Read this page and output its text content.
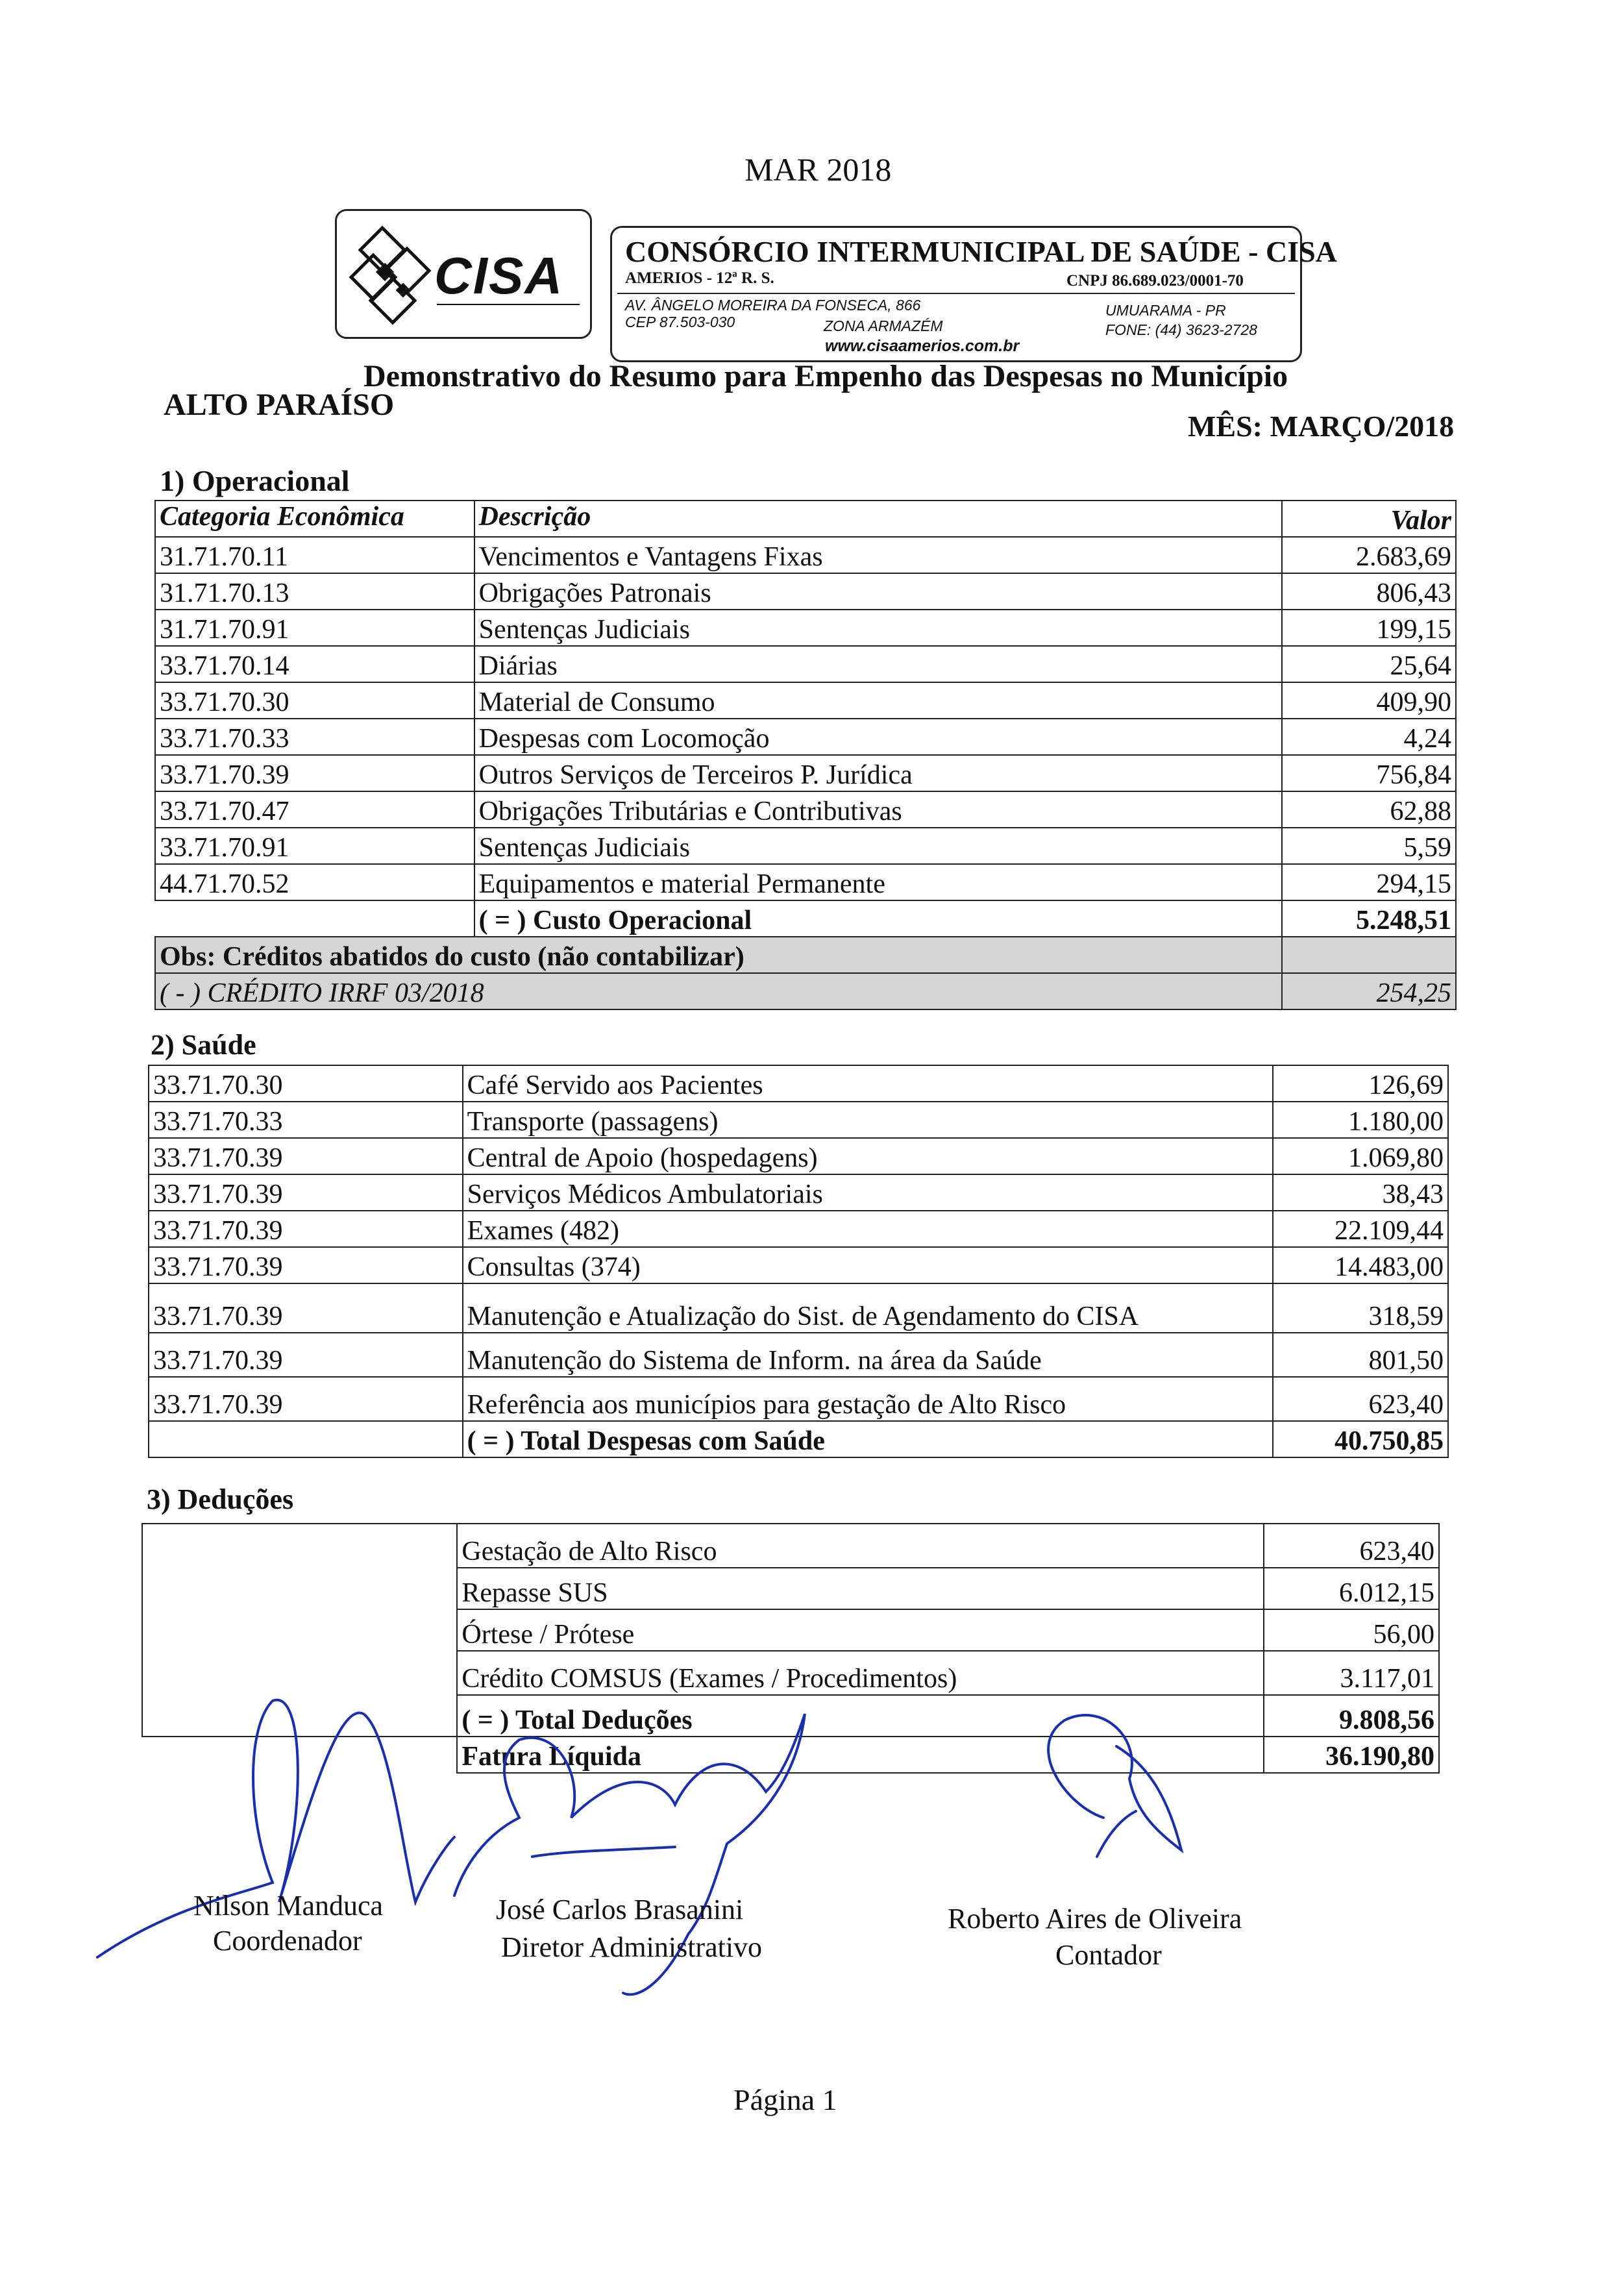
MAR 2018
CISA CONSÓRCIO INTERMUNICIPAL DE SAÚDE - CISA
AMERIOS - 12ª R. S.	CNPJ 86.689.023/0001-70
AV. ÂNGELO MOREIRA DA FONSECA, 866
CEP 87.503-030	ZONA ARMAZÉM
UMUARAMA - PR
FONE: (44) 3623-2728
www.cisaamerios.com.br
Demonstrativo do Resumo para Empenho das Despesas no Município
ALTO PARAÍSO
MÊS: MARÇO/2018
1) Operacional
Categoria Econômica	Descrição	Valor
31.71.70.11	Vencimentos e Vantagens Fixas	2.683,69
31.71.70.13	Obrigações Patronais	806,43
31.71.70.91	Sentenças Judiciais	199,15
33.71.70.14	Diárias	25,64
33.71.70.30	Material de Consumo	409,90
33.71.70.33	Despesas com Locomoção	4,24
33.71.70.39	Outros Serviços de Terceiros P. Jurídica	756,84
33.71.70.47	Obrigações Tributárias e Contributivas	62,88
33.71.70.91	Sentenças Judiciais	5,59
44.71.70.52	Equipamentos e material Permanente	294,15
	( = ) Custo Operacional	5.248,51
Obs: Créditos abatidos do custo (não contabilizar)		
( - ) CRÉDITO IRRF 03/2018		254,25
2) Saúde
33.71.70.30	Café Servido aos Pacientes	126,69
33.71.70.33	Transporte (passagens)	1.180,00
33.71.70.39	Central de Apoio (hospedagens)	1.069,80
33.71.70.39	Serviços Médicos Ambulatoriais	38,43
33.71.70.39	Exames (482)	22.109,44
33.71.70.39	Consultas (374)	14.483,00
33.71.70.39	Manutenção e Atualização do Sist. de Agendamento do CISA	318,59
33.71.70.39	Manutenção do Sistema de Inform. na área da Saúde	801,50
33.71.70.39	Referência aos municípios para gestação de Alto Risco	623,40
	( = ) Total Despesas com Saúde	40.750,85
3) Deduções
	Gestação de Alto Risco	623,40
	Repasse SUS	6.012,15
	Órtese / Prótese	56,00
	Crédito COMSUS (Exames / Procedimentos)	3.117,01
	( = ) Total Deduções	9.808,56
	Fatura Líquida	36.190,80
Nilson Manduca
Coordenador
José Carlos Brasanini
Diretor Administrativo
Roberto Aires de Oliveira
Contador
Página 1
